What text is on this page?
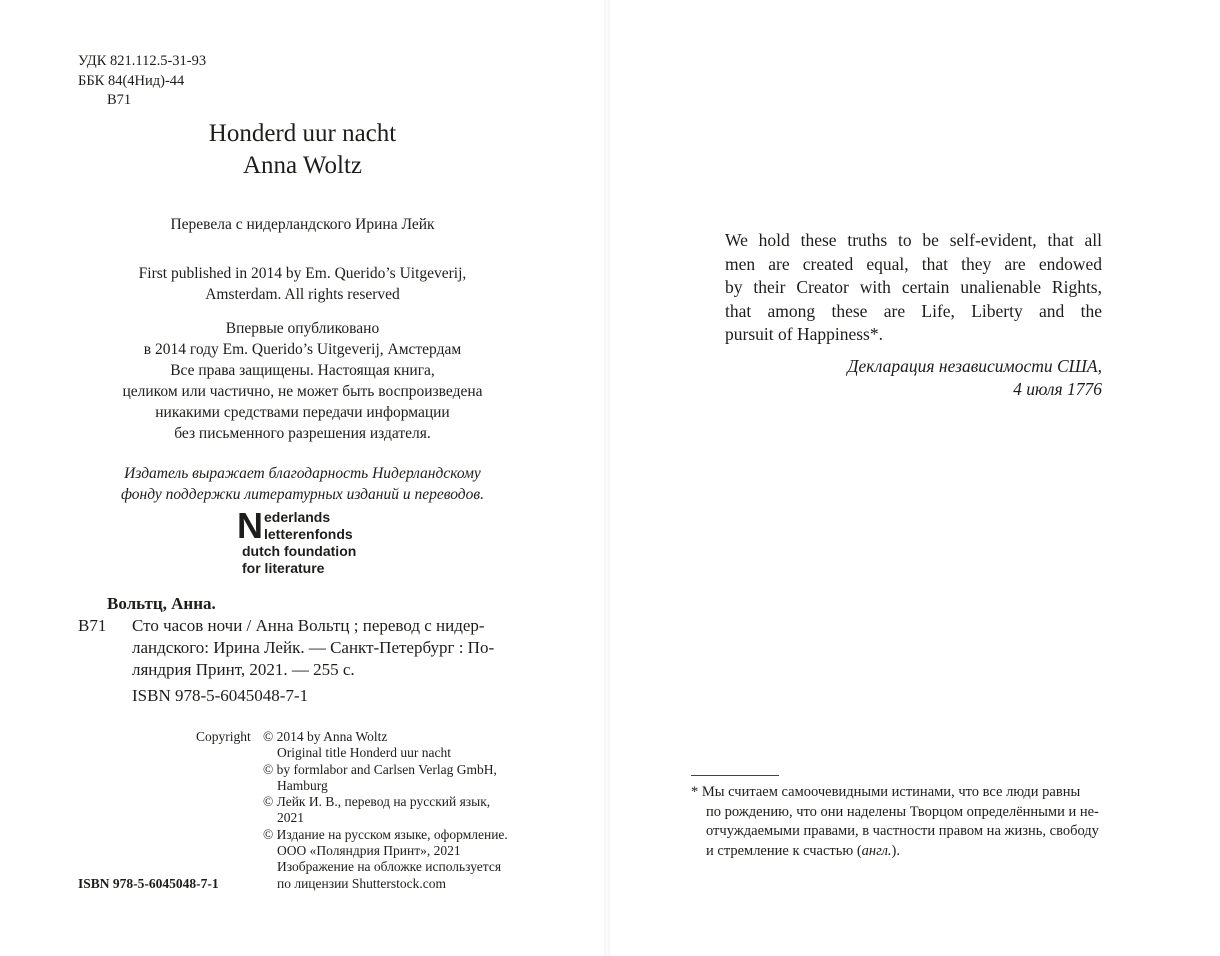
УДК 821.112.5-31-93
ББК 84(4Нид)-44
В71
Honderd uur nacht
Anna Woltz
Перевела с нидерландского Ирина Лейк
First published in 2014 by Em. Querido’s Uitgeverij,
Amsterdam. All rights reserved
Впервые опубликовано
в 2014 году Em. Querido’s Uitgeverij, Амстердам
Все права защищены. Настоящая книга,
целиком или частично, не может быть воспроизведена
никакими средствами передачи информации
без письменного разрешения издателя.
Издатель выражает благодарность Нидерландскому
фонду поддержки литературных изданий и переводов.
N ederlands
letterenfonds
dutch foundation
for literature
Вольтц, Анна.
В71 Сто часов ночи / Анна Вольтц ; перевод с нидер-
ландского: Ирина Лейк. — Санкт-Петербург : По-
ляндрия Принт, 2021. — 255 с.
ISBN 978-5-6045048-7-1
Copyright © 2014 by Anna Woltz
Original title Honderd uur nacht
© by formlabor and Carlsen Verlag GmbH,
Hamburg
© Лейк И. В., перевод на русский язык,
2021
© Издание на русском языке, оформление.
ООО «Поляндрия Принт», 2021
Изображение на обложке используется
по лицензии Shutterstock.com
ISBN 978-5-6045048-7-1
We hold these truths to be self-evident, that all
men are created equal, that they are endowed
by their Creator with certain unalienable Rights,
that among these are Life, Liberty and the
pursuit of Happiness*.
Декларация независимости США,
4 июля 1776
* Мы считаем самоочевидными истинами, что все люди равны
по рождению, что они наделены Творцом определёнными и не-
отчуждаемыми правами, в частности правом на жизнь, свободу
и стремление к счастью (англ.).
